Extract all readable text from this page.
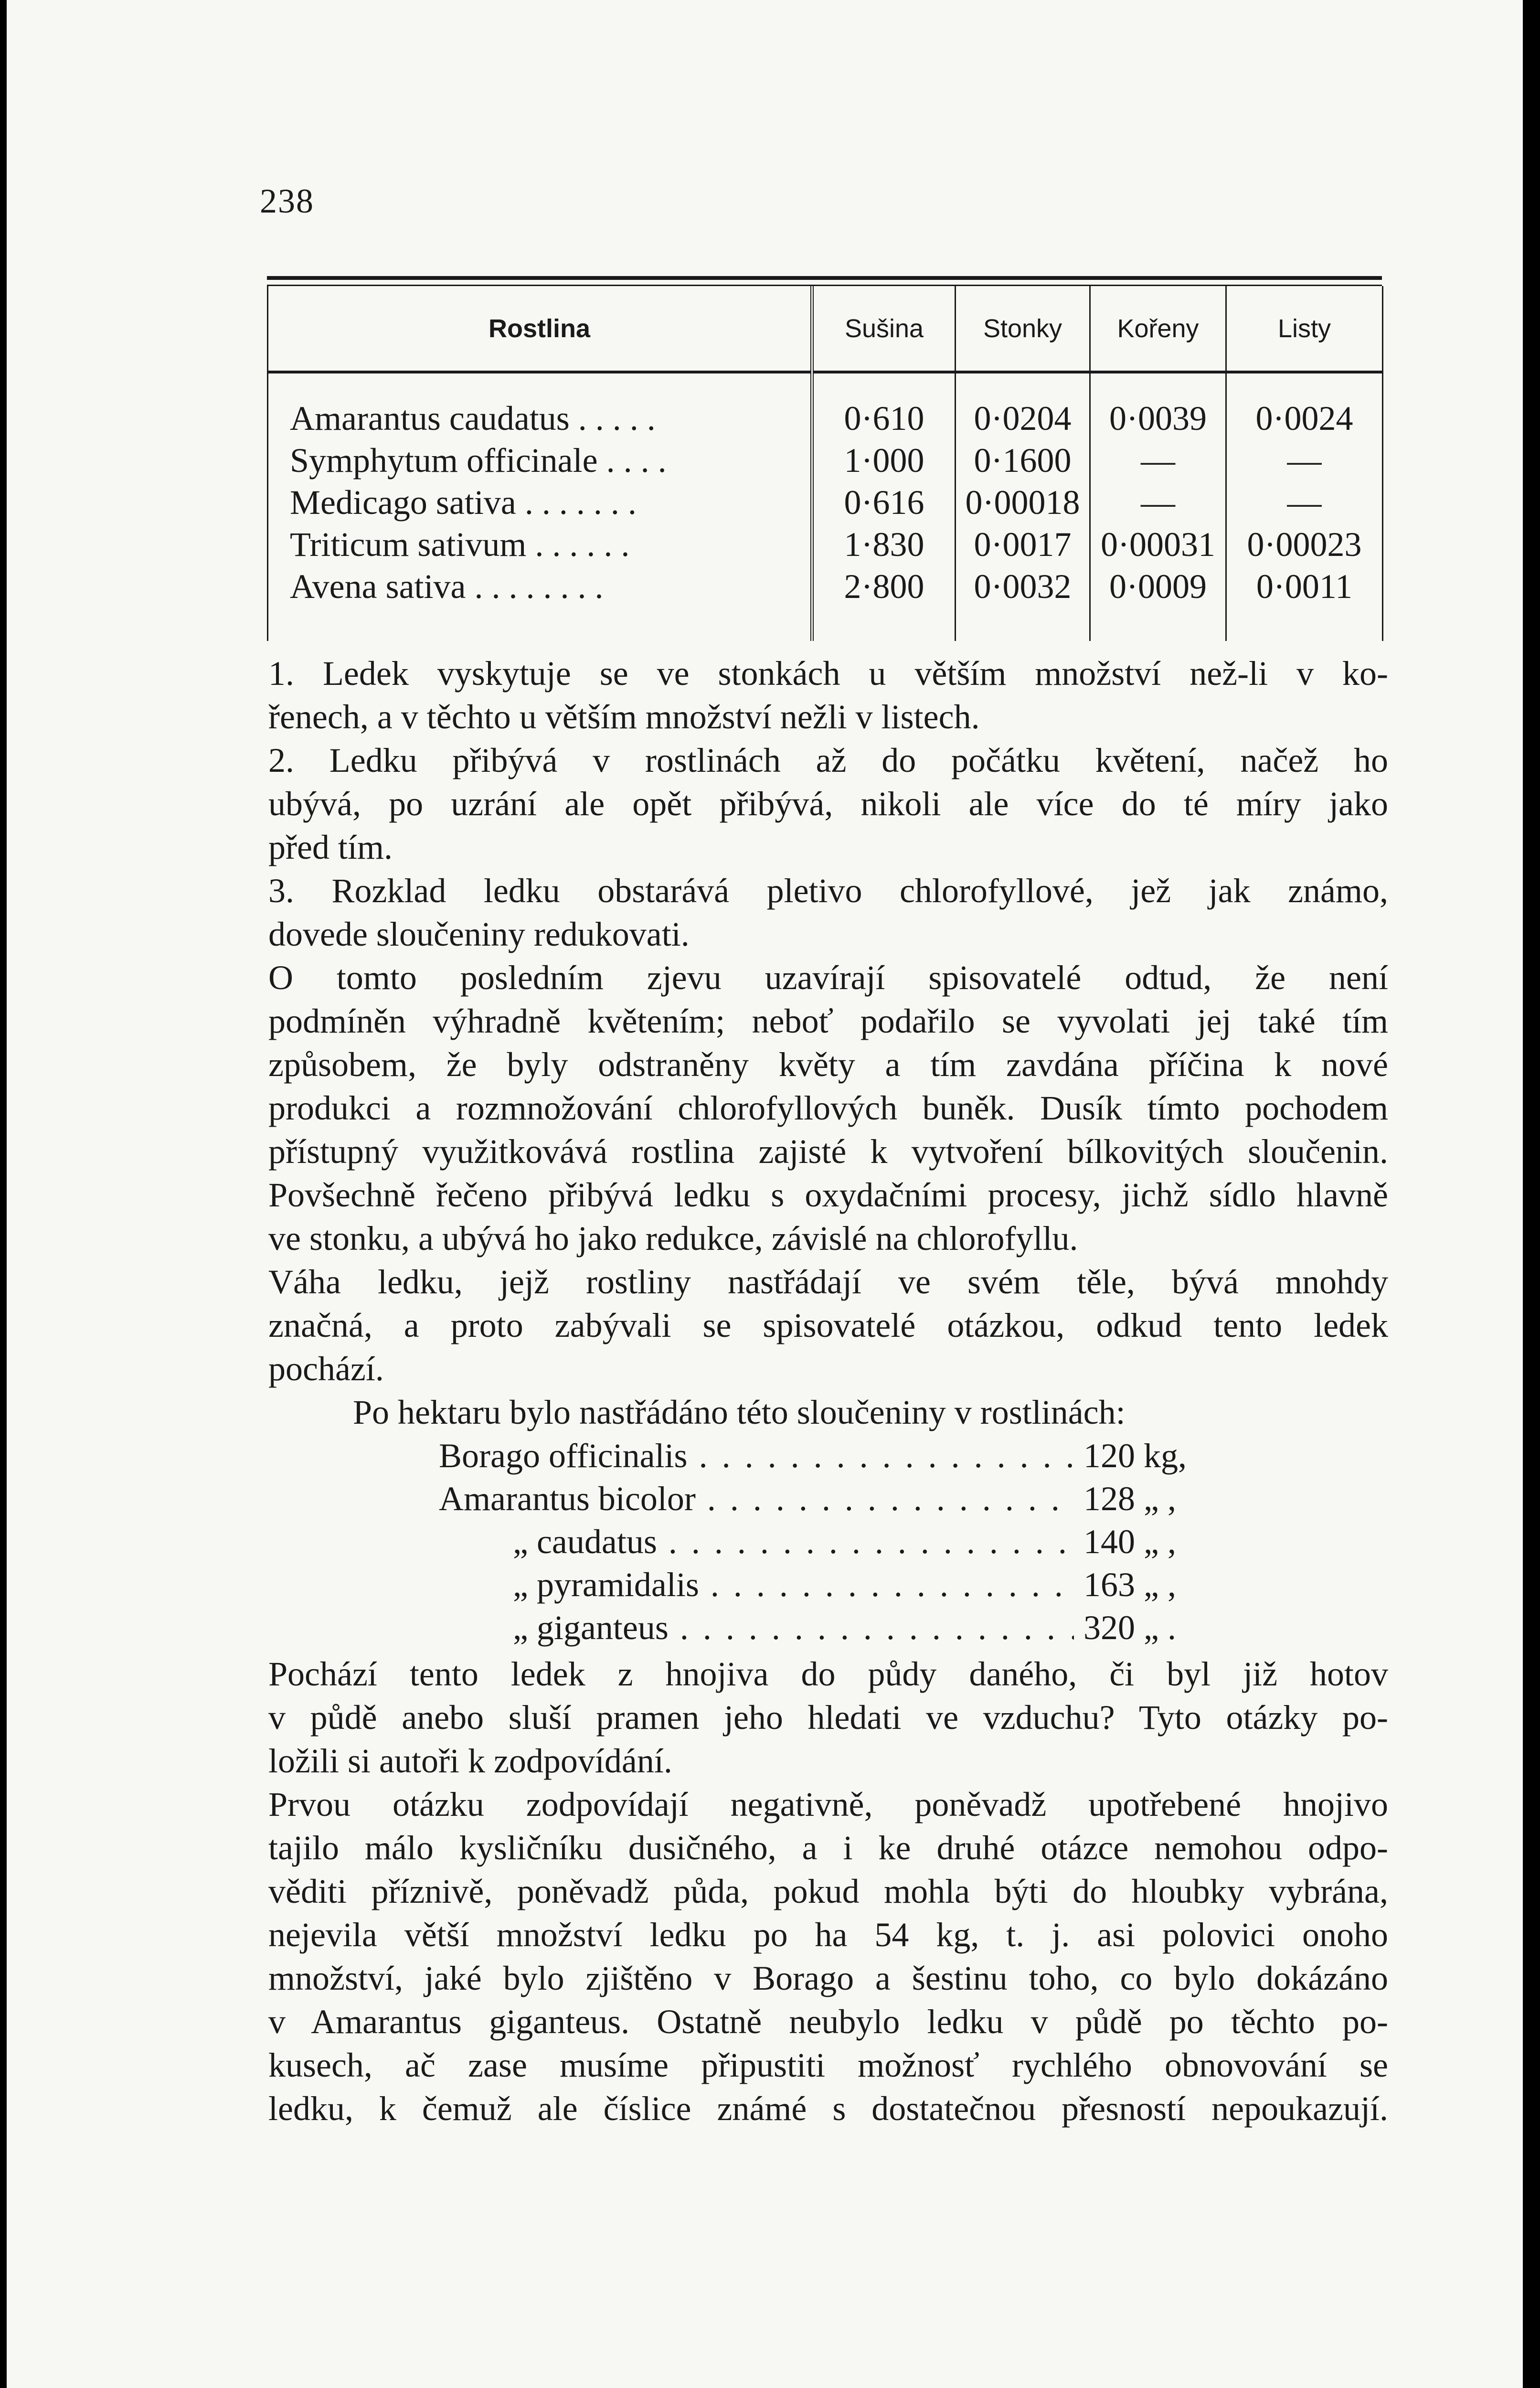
238
Rostlina	Sušina	Stonky	Kořeny	Listy

Amarantus caudatus . . . . .	0·610	0·0204	0·0039	0·0024
Symphytum officinale . . . .	1·000	0·1600	—	—
Medicago sativa . . . . . . .	0·616	0·00018	—	—
Triticum sativum . . . . . .	1·830	0·0017	0·00031	0·00023
Avena sativa . . . . . . . .	2·800	0·0032	0·0009	0·0011

1. Ledek vyskytuje se ve stonkách u větším množství než-li v ko-
řenech, a v těchto u větším množství nežli v listech.
2. Ledku přibývá v rostlinách až do počátku květení, načež ho
ubývá, po uzrání ale opět přibývá, nikoli ale více do té míry jako
před tím.
3. Rozklad ledku obstarává pletivo chlorofyllové, jež jak známo,
dovede sloučeniny redukovati.
O tomto posledním zjevu uzavírají spisovatelé odtud, že není
podmíněn výhradně květením; neboť podařilo se vyvolati jej také tím
způsobem, že byly odstraněny květy a tím zavdána příčina k nové
produkci a rozmnožování chlorofyllových buněk. Dusík tímto pochodem
přístupný využitkovává rostlina zajisté k vytvoření bílkovitých sloučenin.
Povšechně řečeno přibývá ledku s oxydačními procesy, jichž sídlo hlavně
ve stonku, a ubývá ho jako redukce, závislé na chlorofyllu.
Váha ledku, jejž rostliny nastřádají ve svém těle, bývá mnohdy
značná, a proto zabývali se spisovatelé otázkou, odkud tento ledek
pochází.
Po hektaru bylo nastřádáno této sloučeniny v rostlinách:
Borago officinalis . . .	120 kg,
Amarantus bicolor . . .	128 „ ,
„ caudatus . . .	140 „ ,
„ pyramidalis . . .	163 „ ,
„ giganteus . . .	320 „ .
Pochází tento ledek z hnojiva do půdy daného, či byl již hotov
v půdě anebo sluší pramen jeho hledati ve vzduchu? Tyto otázky po-
ložili si autoři k zodpovídání.
Prvou otázku zodpovídají negativně, poněvadž upotřebené hnojivo
tajilo málo kysličníku dusičného, a i ke druhé otázce nemohou odpo-
věditi příznivě, poněvadž půda, pokud mohla býti do hloubky vybrána,
nejevila větší množství ledku po ha 54 kg, t. j. asi polovici onoho
množství, jaké bylo zjištěno v Borago a šestinu toho, co bylo dokázáno
v Amarantus giganteus. Ostatně neubylo ledku v půdě po těchto po-
kusech, ač zase musíme připustiti možnosť rychlého obnovování se
ledku, k čemuž ale číslice známé s dostatečnou přesností nepoukazují.
